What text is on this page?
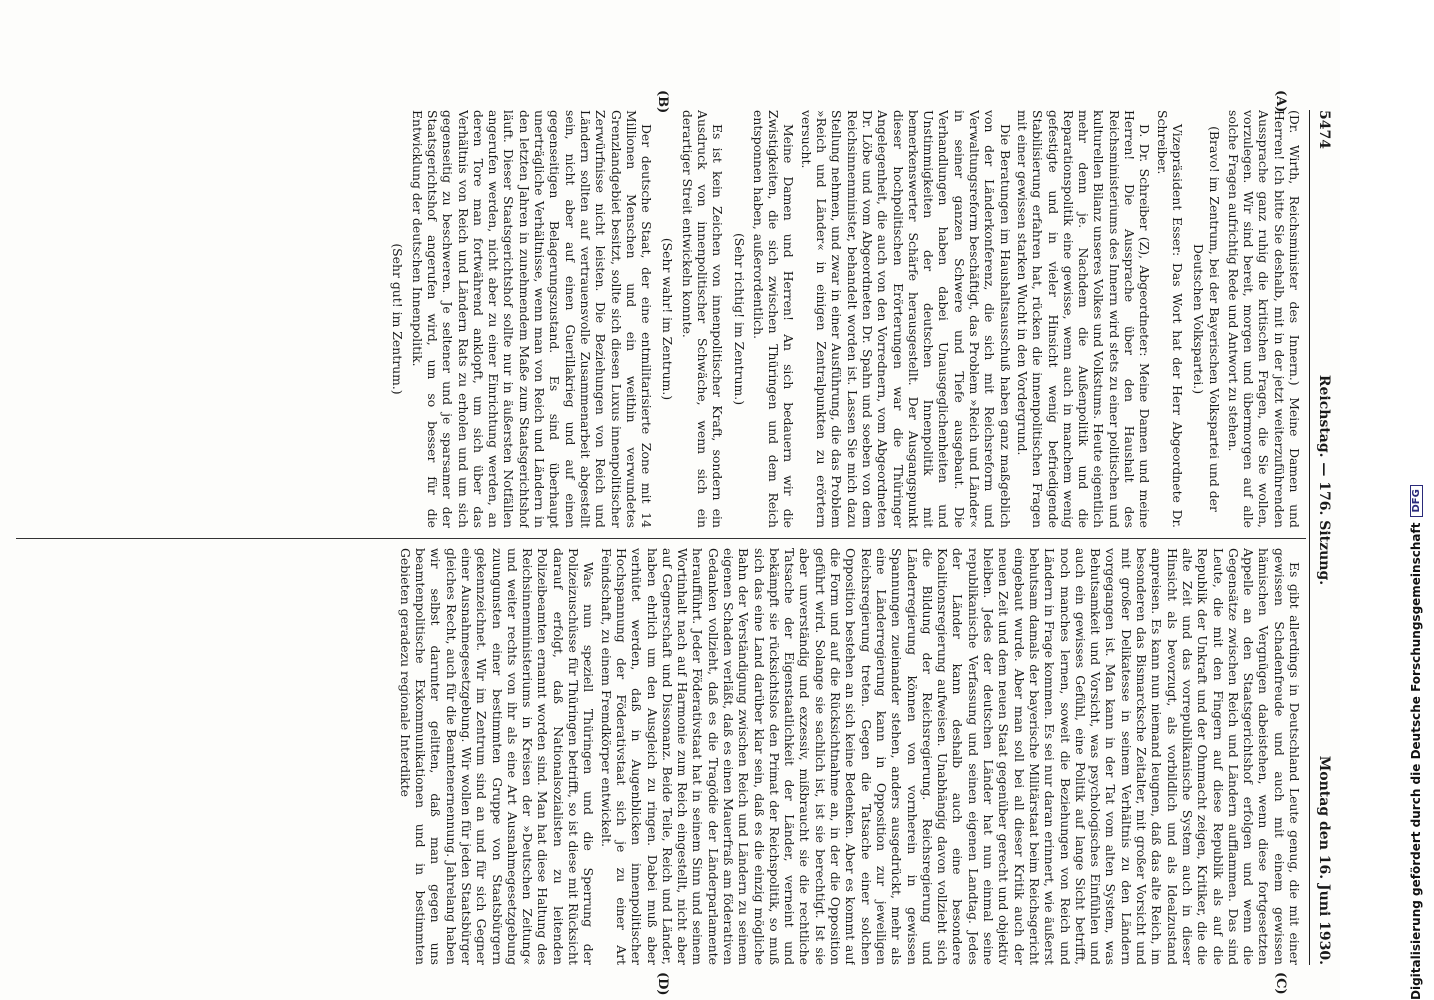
5474
Reichstag. — 176. Sitzung.
Montag den 16. Juni 1930.
(A)
(B)
(C)
(D)

(Dr. Wirth, Reichsminister des Innern.) Meine Damen und Herren! Ich bitte Sie deshalb, mit in der jetzt weiterzuführenden Aussprache ganz ruhig die kritischen Fragen, die Sie wollen, vorzulegen. Wir sind bereit, morgen und übermorgen auf alle solche Fragen aufrichtig Rede und Antwort zu stehen.

(Bravo! im Zentrum, bei der Bayerischen Volkspartei und der Deutschen Volkspartei.)

Vizepräsident Esser: Das Wort hat der Herr Abgeordnete Dr. Schreiber.

D. Dr. Schreiber (Z), Abgeordneter: Meine Damen und meine Herren! Die Aussprache über den Haushalt des Reichsministeriums des Innern wird stets zu einer politischen und kulturellen Bilanz unseres Volkes und Volkstums. Heute eigentlich mehr denn je. Nachdem die Außenpolitik und die Reparationspolitik eine gewisse, wenn auch in manchem wenig gefestigte und in vieler Hinsicht wenig befriedigende Stabilisierung erfahren hat, rücken die innenpolitischen Fragen mit einer gewissen starken Wucht in den Vordergrund.

Die Beratungen im Haushaltsausschuß haben ganz maßgeblich von der Länderkonferenz, die sich mit Reichsreform und Verwaltungsreform beschäftigt, das Problem »Reich und Länder« in seiner ganzen Schwere und Tiefe ausgebaut. Die Verhandlungen haben dabei Unausgeglichenheiten und Unstimmigkeiten der deutschen Innenpolitik mit bemerkenswerter Schärfe herausgestellt. Der Ausgangspunkt dieser hochpolitischen Erörterungen war die Thüringer Angelegenheit, die auch von den Vorrednern, vom Abgeordneten Dr. Löbe und vom Abgeordneten Dr. Spahn und soeben von dem Reichsinnenminister, behandelt worden ist. Lassen Sie mich dazu Stellung nehmen, und zwar in einer Ausführung, die das Problem »Reich und Länder« in einigen Zentralpunkten zu erörtern versucht.

Meine Damen und Herren! An sich bedauern wir die Zwistigkeiten, die sich zwischen Thüringen und dem Reich entsponnen haben, außerordentlich.

(Sehr richtig! im Zentrum.)

Es ist kein Zeichen von innenpolitischer Kraft, sondern ein Ausdruck von innenpolitischer Schwäche, wenn sich ein derartiger Streit entwickeln konnte.

(Sehr wahr! im Zentrum.)

Der deutsche Staat, der eine entmilitarisierte Zone mit 14 Millionen Menschen und ein weithin verwundetes Grenzlandgebiet besitzt, sollte sich diesen Luxus innenpolitischer Zerwürfnisse nicht leisten. Die Beziehungen von Reich und Ländern sollten auf vertrauensvolle Zusammenarbeit abgestellt sein, nicht aber auf einen Guerillakrieg und auf einen gegenseitigen Belagerungszustand. Es sind überhaupt unerträgliche Verhältnisse, wenn man von Reich und Ländern in den letzten Jahren in zunehmendem Maße zum Staatsgerichtshof läuft. Dieser Staatsgerichtshof sollte nur in äußersten Notfällen angerufen werden, nicht aber zu einer Einrichtung werden, an deren Tore man fortwährend anklopft, um sich über das Verhältnis von Reich und Ländern Rats zu erholen und um sich gegenseitig zu beschweren. Je seltener und je sparsamer der Staatsgerichtshof angerufen wird, um so besser für die Entwicklung der deutschen Innenpolitik.

(Sehr gut! im Zentrum.)

Es gibt allerdings in Deutschland Leute genug, die mit einer gewissen Schadenfreude und auch mit einem gewissen hämischen Vergnügen dabeistehen, wenn diese fortgesetzten Appelle an den Staatsgerichtshof erfolgen und wenn die Gegensätze zwischen Reich und Ländern aufflammen. Das sind Leute, die mit den Fingern auf diese Republik als auf die Republik der Unkraft und der Ohnmacht zeigen, Kritiker, die die alte Zeit und das vorrepublikanische System auch in dieser Hinsicht als bevorzugt, als vorbildlich und als Idealzustand anpreisen. Es kann nun niemand leugnen, daß das alte Reich, im besonderen das Bismarcksche Zeitalter, mit großer Vorsicht und mit großer Delikatesse in seinem Verhältnis zu den Ländern vorgegangen ist. Man kann in der Tat vom alten System, was Behutsamkeit und Vorsicht, was psychologisches Einfühlen und auch ein gewisses Gefühl, eine Politik auf lange Sicht betrifft, noch manches lernen, soweit die Beziehungen von Reich und Ländern in Frage kommen. Es sei nur daran erinnert, wie äußerst behutsam damals der bayerische Militärstaat beim Reichsgericht eingebaut wurde. Aber man soll bei all dieser Kritik auch der neuen Zeit und dem neuen Staat gegenüber gerecht und objektiv bleiben. Jedes der deutschen Länder hat nun einmal seine republikanische Verfassung und seinen eigenen Landtag. Jedes der Länder kann deshalb auch eine besondere Koalitionsregierung aufweisen. Unabhängig davon vollzieht sich die Bildung der Reichsregierung. Reichsregierung und Länderregierung können von vornherein in gewissen Spannungen zueinander stehen, anders ausgedrückt, mehr als eine Länderregierung kann in Opposition zur jeweiligen Reichsregierung treten. Gegen die Tatsache einer solchen Opposition bestehen an sich keine Bedenken. Aber es kommt auf die Form und auf die Rücksichtnahme an, in der die Opposition geführt wird. Solange sie sachlich ist, ist sie berechtigt. Ist sie aber unverständig und exzessiv, mißbraucht sie die rechtliche Tatsache der Eigenstaatlichkeit der Länder, verneint und bekämpft sie rücksichtslos den Primat der Reichspolitik, so muß sich das eine Land darüber klar sein, daß es die einzig mögliche Bahn der Verständigung zwischen Reich und Ländern zu seinem eigenen Schaden verläßt, daß es einen Mauerfraß am föderativen Gedanken vollzieht, daß es die Tragödie der Länderparlamente heraufführt. Jeder Föderativstaat hat in seinem Sinn und seinem Wortinhalt nach auf Harmonie zum Reich eingestellt, nicht aber auf Gegnerschaft und Dissonanz. Beide Teile, Reich und Länder, haben ehrlich um den Ausgleich zu ringen. Dabei muß aber verhütet werden, daß in Augenblicken innenpolitischer Hochspannung der Föderativstaat sich je zu einer Art Feindschaft, zu einem Fremdkörper entwickelt.

Was nun speziell Thüringen und die Sperrung der Polizeizuschüsse für Thüringen betrifft, so ist diese mit Rücksicht darauf erfolgt, daß Nationalsozialisten zu leitenden Polizeibeamten ernannt worden sind. Man hat diese Haltung des Reichsinnenministeriums in Kreisen der »Deutschen Zeitung« und weiter rechts von ihr als eine Art Ausnahmegesetzgebung zuungunsten einer bestimmten Gruppe von Staatsbürgern gekennzeichnet. Wir im Zentrum sind an und für sich Gegner einer Ausnahmegesetzgebung. Wir wollen für jeden Staatsbürger gleiches Recht, auch für die Beamtenernennung. Jahrelang haben wir selbst darunter gelitten, daß man gegen uns beamtenpolitische Exkommunikationen und in bestimmten Gebieten geradezu regionale Interdikte	Digitalisierung gefördert durch die Deutsche ForschungsgemeinschaftDFG
